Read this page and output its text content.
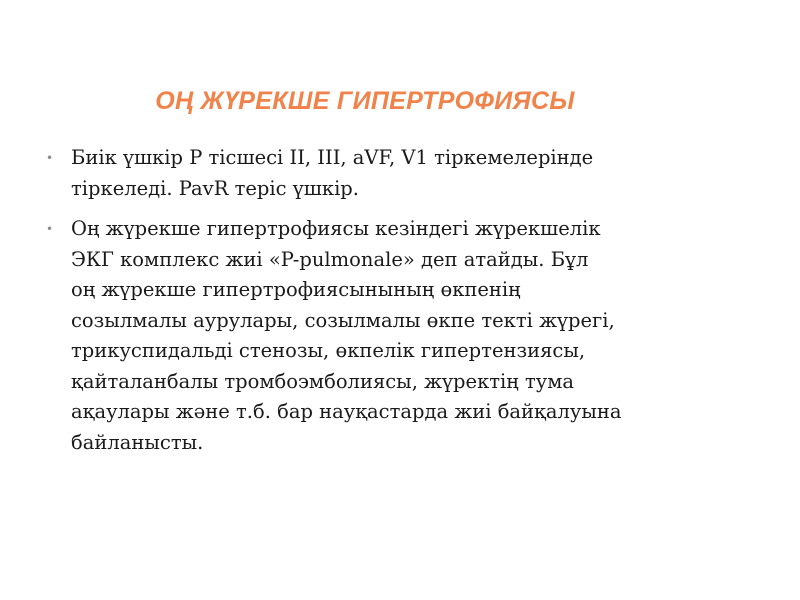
ОҢ ЖҮРЕКШЕ ГИПЕРТРОФИЯСЫ
• Биік үшкір P тісшесі II, III, aVF, V1 тіркемелерінде
тіркеледі. PavR теріс үшкір.
• Оң жүрекше гипертрофиясы кезіндегі жүрекшелік
ЭКГ комплекс жиі «P-pulmonale» деп атайды. Бұл
оң жүрекше гипертрофиясынының өкпенің
созылмалы аурулары, созылмалы өкпе текті жүрегі,
трикуспидальді стенозы, өкпелік гипертензиясы,
қайталанбалы тромбоэмболиясы, жүректің тума
ақаулары және т.б. бар науқастарда жиі байқалуына
байланысты.
